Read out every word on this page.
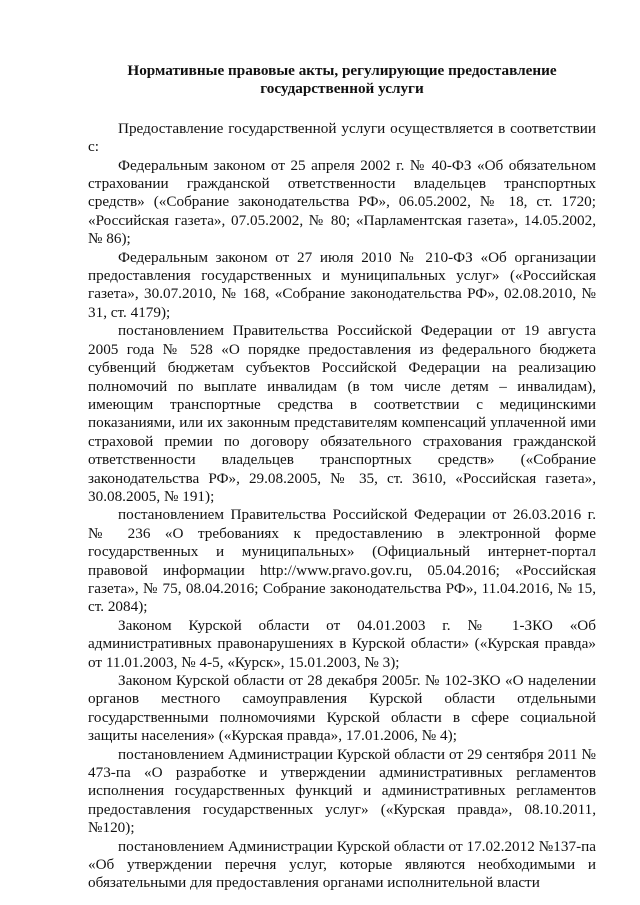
Нормативные правовые акты, регулирующие предоставление
государственной услуги

Предоставление государственной услуги осуществляется в соответствии с:

Федеральным законом от 25 апреля 2002 г. № 40-ФЗ «Об обязательном страховании гражданской ответственности владельцев транспортных средств» («Собрание законодательства РФ», 06.05.2002, № 18, ст. 1720; «Российская газета», 07.05.2002, № 80; «Парламентская газета», 14.05.2002, № 86);

Федеральным законом от 27 июля 2010 № 210-ФЗ «Об организации предоставления государственных и муниципальных услуг» («Российская газета», 30.07.2010, № 168, «Собрание законодательства РФ», 02.08.2010, № 31, ст. 4179);

постановлением Правительства Российской Федерации от 19 августа 2005 года № 528 «О порядке предоставления из федерального бюджета субвенций бюджетам субъектов Российской Федерации на реализацию полномочий по выплате инвалидам (в том числе детям – инвалидам), имеющим транспортные средства в соответствии с медицинскими показаниями, или их законным представителям компенсаций уплаченной ими страховой премии по договору обязательного страхования гражданской ответственности владельцев транспортных средств» («Собрание законодательства РФ», 29.08.2005, № 35, ст. 3610, «Российская газета», 30.08.2005, № 191);

постановлением Правительства Российской Федерации от 26.03.2016 г. № 236 «О требованиях к предоставлению в электронной форме государственных и муниципальных» (Официальный интернет-портал правовой информации http://www.pravo.gov.ru, 05.04.2016; «Российская газета», № 75, 08.04.2016; Собрание законодательства РФ», 11.04.2016, № 15, ст. 2084);

Законом Курской области от 04.01.2003 г. № 1-ЗКО «Об административных правонарушениях в Курской области» («Курская правда» от 11.01.2003, № 4-5, «Курск», 15.01.2003, № 3);

Законом Курской области от 28 декабря 2005г. № 102-ЗКО «О наделении органов местного самоуправления Курской области отдельными государственными полномочиями Курской области в сфере социальной защиты населения» («Курская правда», 17.01.2006, № 4);

постановлением Администрации Курской области от 29 сентября 2011 № 473-па «О разработке и утверждении административных регламентов исполнения государственных функций и административных регламентов предоставления государственных услуг» («Курская правда», 08.10.2011, №120);

постановлением Администрации Курской области от 17.02.2012 №137-па «Об утверждении перечня услуг, которые являются необходимыми и обязательными для предоставления органами исполнительной власти
